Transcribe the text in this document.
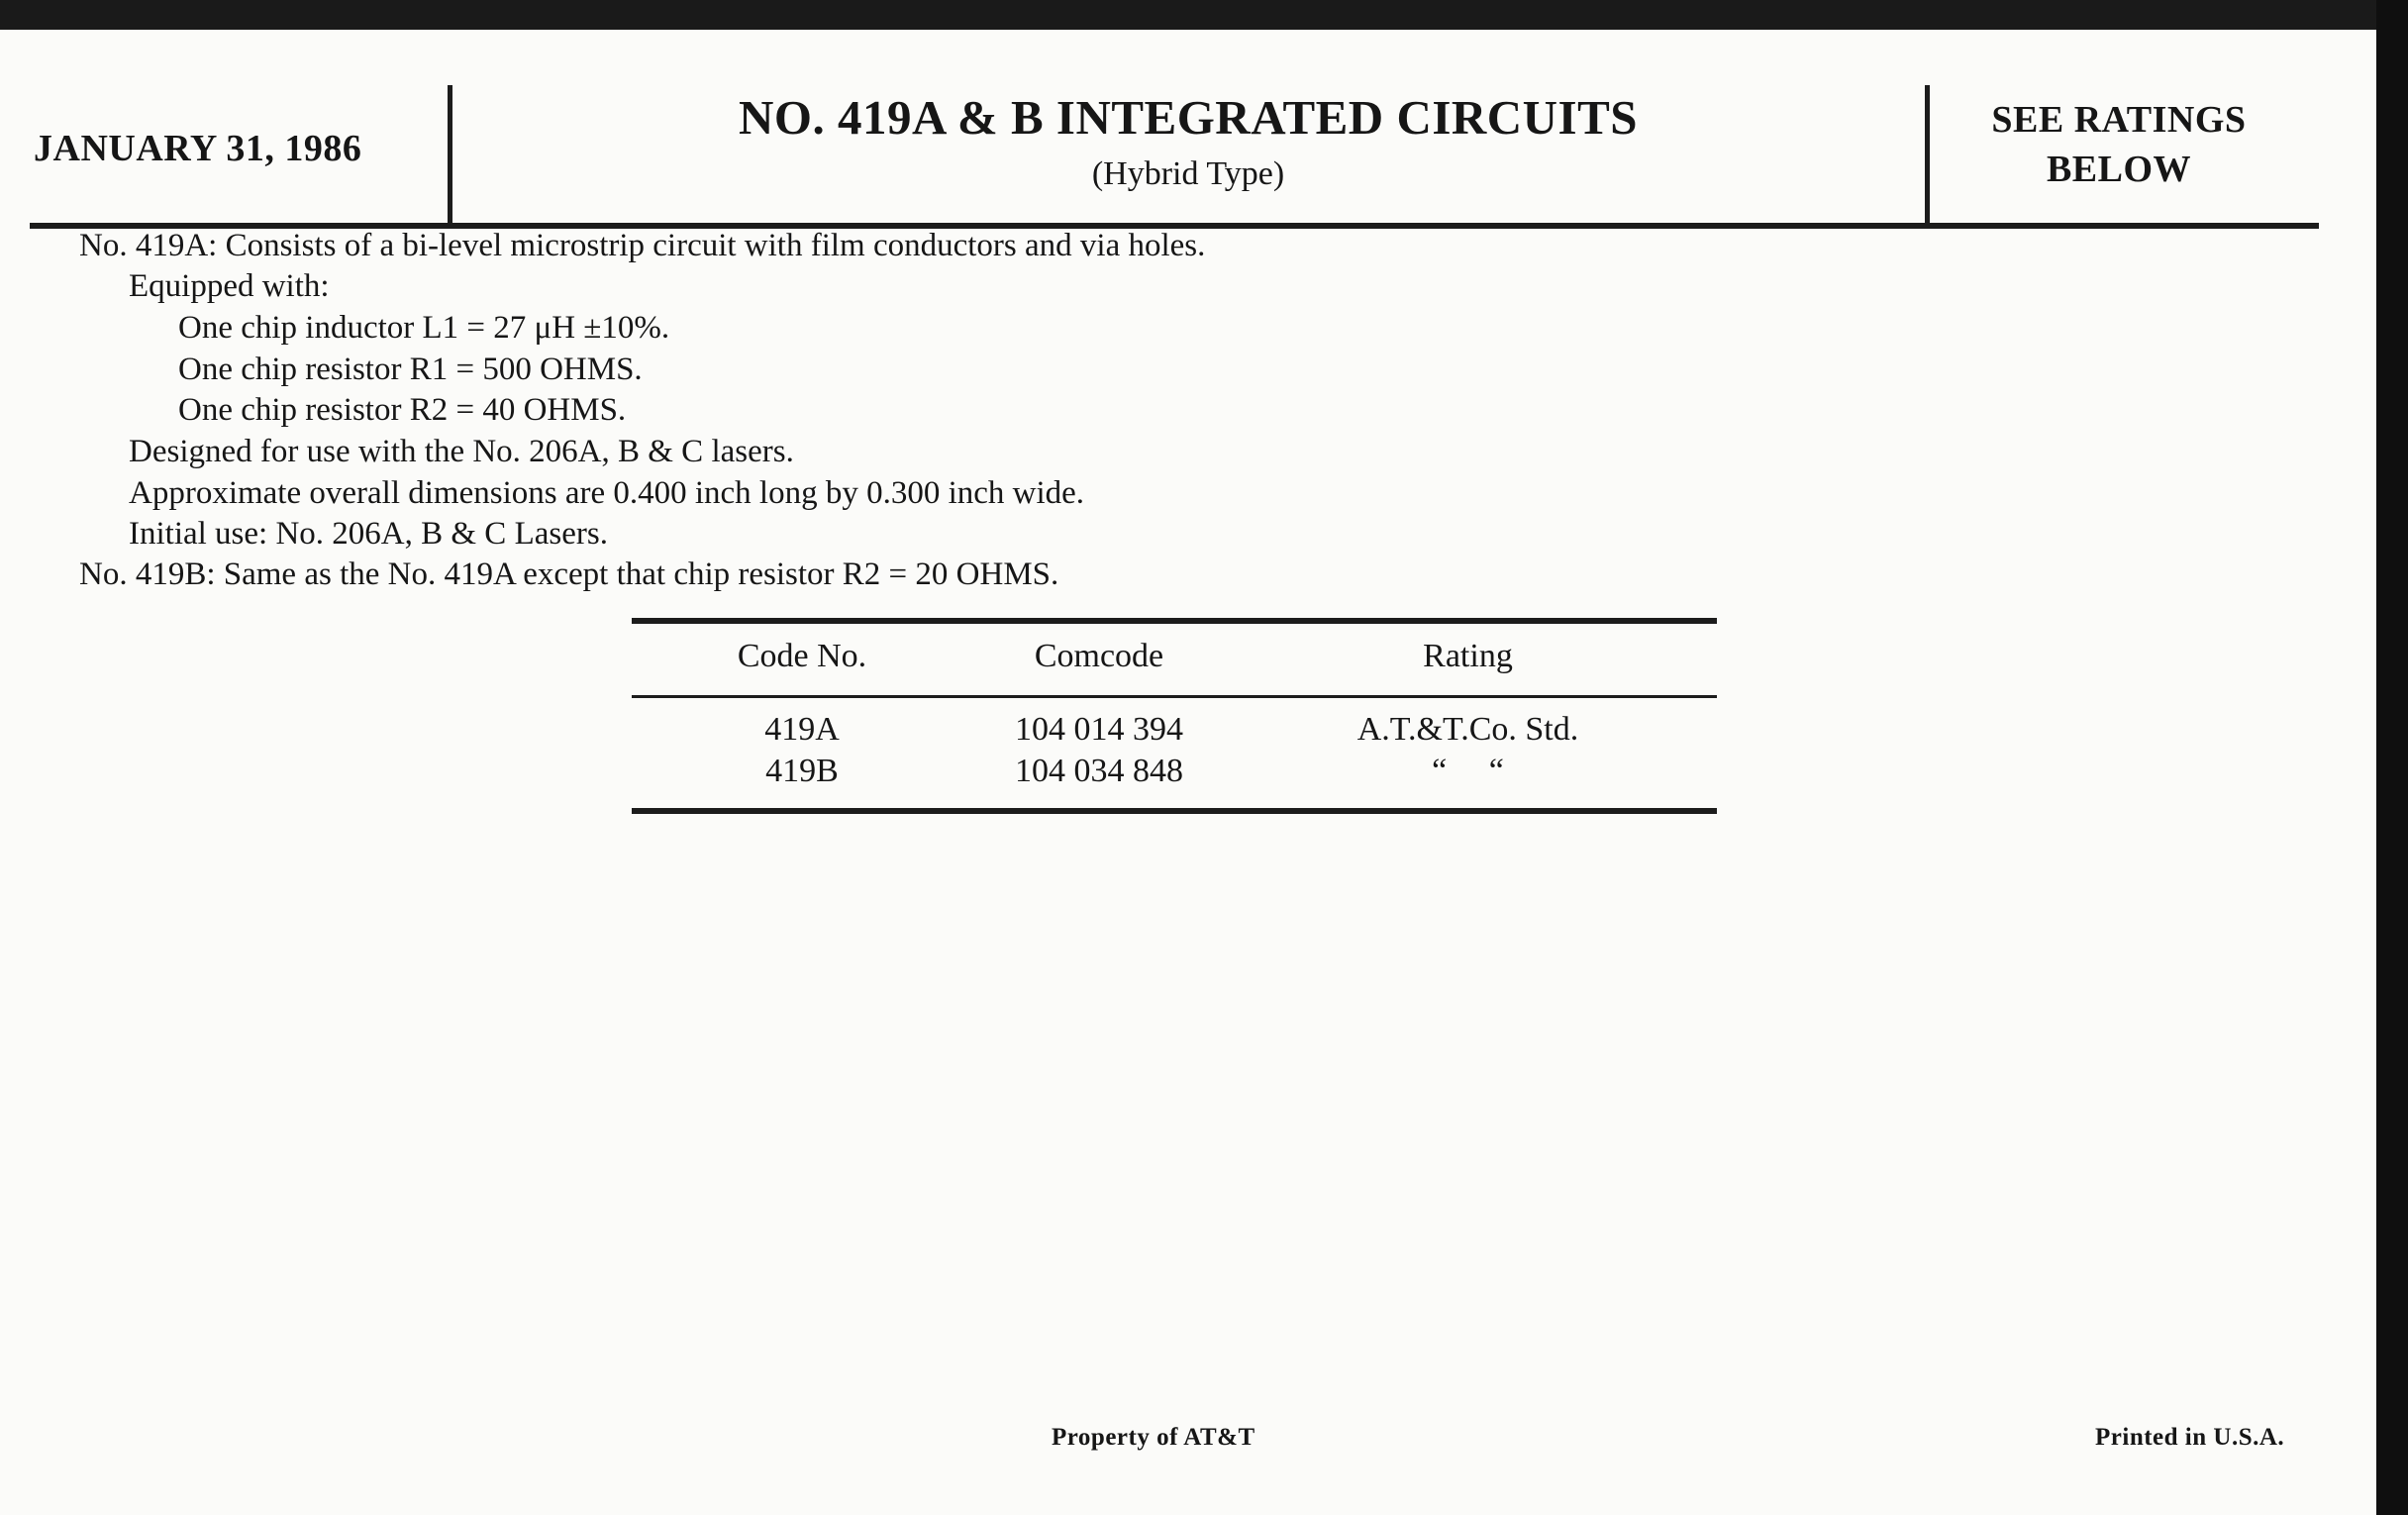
JANUARY 31, 1986
NO. 419A & B INTEGRATED CIRCUITS
(Hybrid Type)
SEE RATINGS
BELOW
No. 419A: Consists of a bi-level microstrip circuit with film conductors and via holes.
Equipped with:
One chip inductor L1 = 27 μH ±10%.
One chip resistor R1 = 500 OHMS.
One chip resistor R2 = 40 OHMS.
Designed for use with the No. 206A, B & C lasers.
Approximate overall dimensions are 0.400 inch long by 0.300 inch wide.
Initial use: No. 206A, B & C Lasers.
No. 419B: Same as the No. 419A except that chip resistor R2 = 20 OHMS.
Code No.	Comcode	Rating
419A	104 014 394	A.T.&T.Co. Std.
419B	104 034 848	“     “
Property of AT&T	Printed in U.S.A.
